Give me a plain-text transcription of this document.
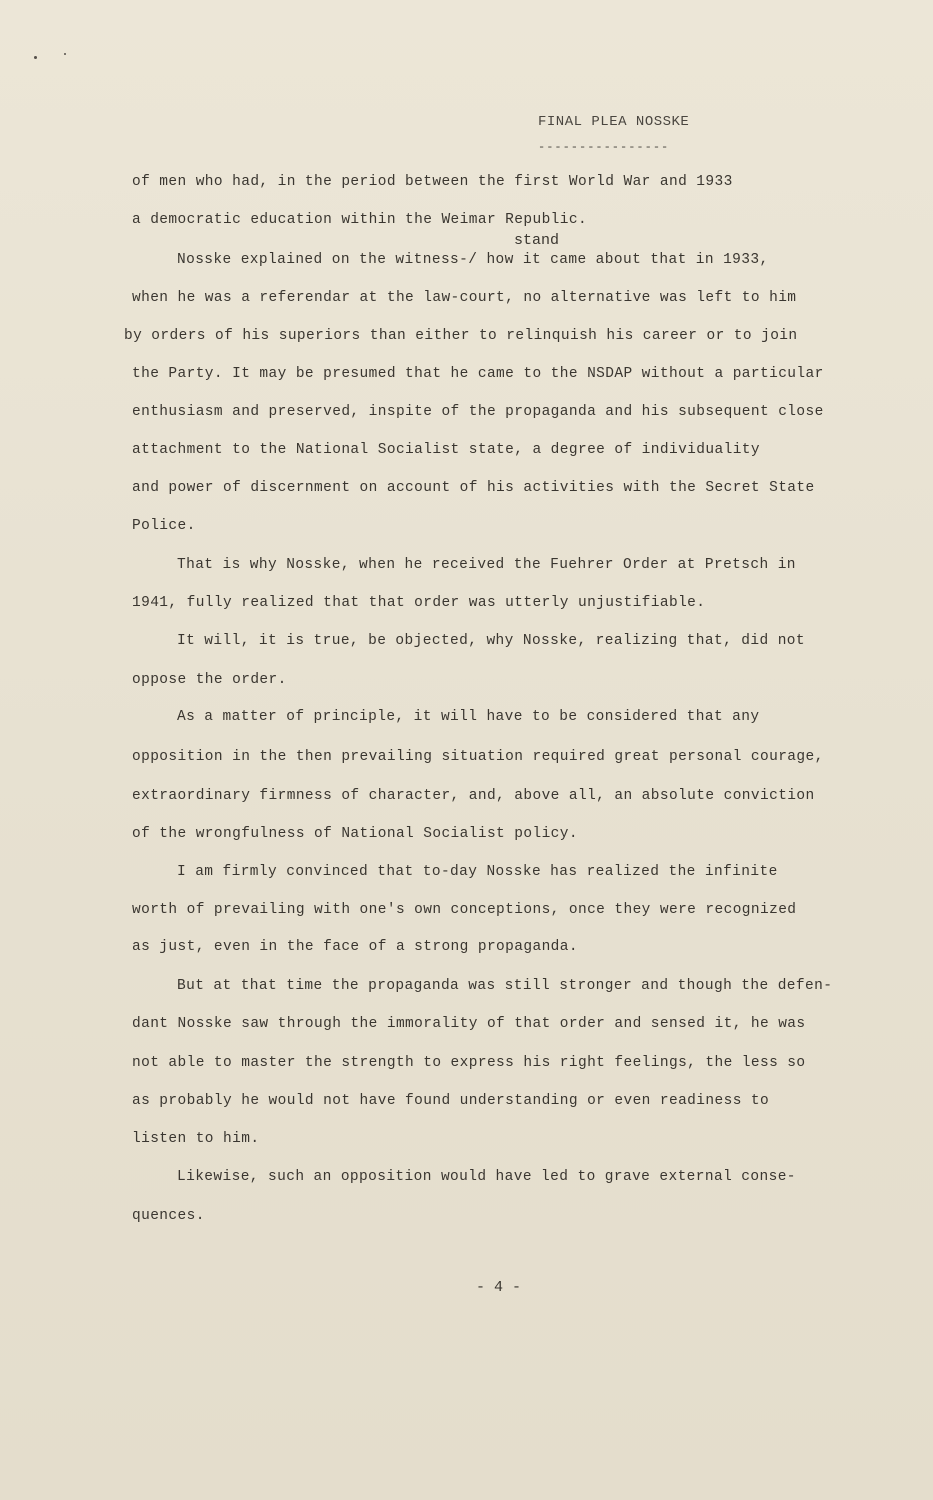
FINAL PLEA NOSSKE
----------------
stand
of men who had, in the period between the first World War and 1933
a democratic education within the Weimar Republic.
Nosske explained on the witness-/ how it came about that in 1933,
when he was a referendar at the law-court, no alternative was left to him
by orders of his superiors than either to relinquish his career or to join
the Party. It may be presumed that he came to the NSDAP without a particular
enthusiasm and preserved, inspite of the propaganda and his subsequent close
attachment to the National Socialist state, a degree of individuality
and power of discernment on account of his activities with the Secret State
Police.
That is why Nosske, when he received the Fuehrer Order at Pretsch in
1941, fully realized that that order was utterly unjustifiable.
It will, it is true, be objected, why Nosske, realizing that, did not
oppose the order.
As a matter of principle, it will have to be considered that any
opposition in the then prevailing situation required great personal courage,
extraordinary firmness of character, and, above all, an absolute conviction
of the wrongfulness of National Socialist policy.
I am firmly convinced that to-day Nosske has realized the infinite
worth of prevailing with one's own conceptions, once they were recognized
as just, even in the face of a strong propaganda.
But at that time the propaganda was still stronger and though the defen-
dant Nosske saw through the immorality of that order and sensed it, he was
not able to master the strength to express his right feelings, the less so
as probably he would not have found understanding or even readiness to
listen to him.
Likewise, such an opposition would have led to grave external conse-
quences.
- 4 -
